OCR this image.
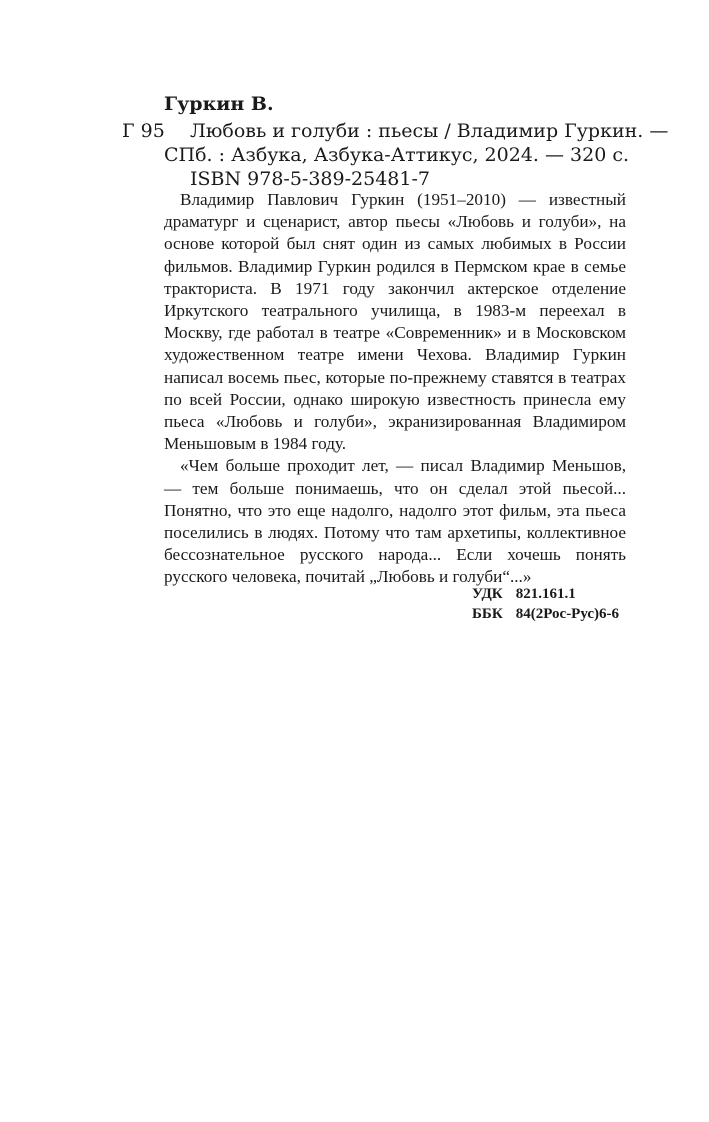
Гуркин В.
Г 95	Любовь и голуби : пьесы / Владимир Гуркин. —
СПб. : Азбука, Азбука-Аттикус, 2024. — 320 с.
ISBN 978-5-389-25481-7

Владимир Павлович Гуркин (1951–2010) — известный драматург и сценарист, автор пьесы «Любовь и голуби», на основе которой был снят один из самых любимых в России фильмов. Владимир Гуркин родился в Пермском крае в семье тракториста. В 1971 году закончил актерское отделение Иркутского театрального училища, в 1983-м переехал в Москву, где работал в театре «Современник» и в Московском художественном театре имени Чехова. Владимир Гуркин написал восемь пьес, которые по-прежнему ставятся в театрах по всей России, однако широкую известность принесла ему пьеса «Любовь и голуби», экранизированная Владимиром Меньшовым в 1984 году.

«Чем больше проходит лет, — писал Владимир Меньшов, — тем больше понимаешь, что он сделал этой пьесой... Понятно, что это еще надолго, надолго этот фильм, эта пьеса поселились в людях. Потому что там архетипы, коллективное бессознательное русского народа... Если хочешь понять русского человека, почитай „Любовь и голуби“...»

УДК 821.161.1
ББК 84(2Рос-Рус)6-6
